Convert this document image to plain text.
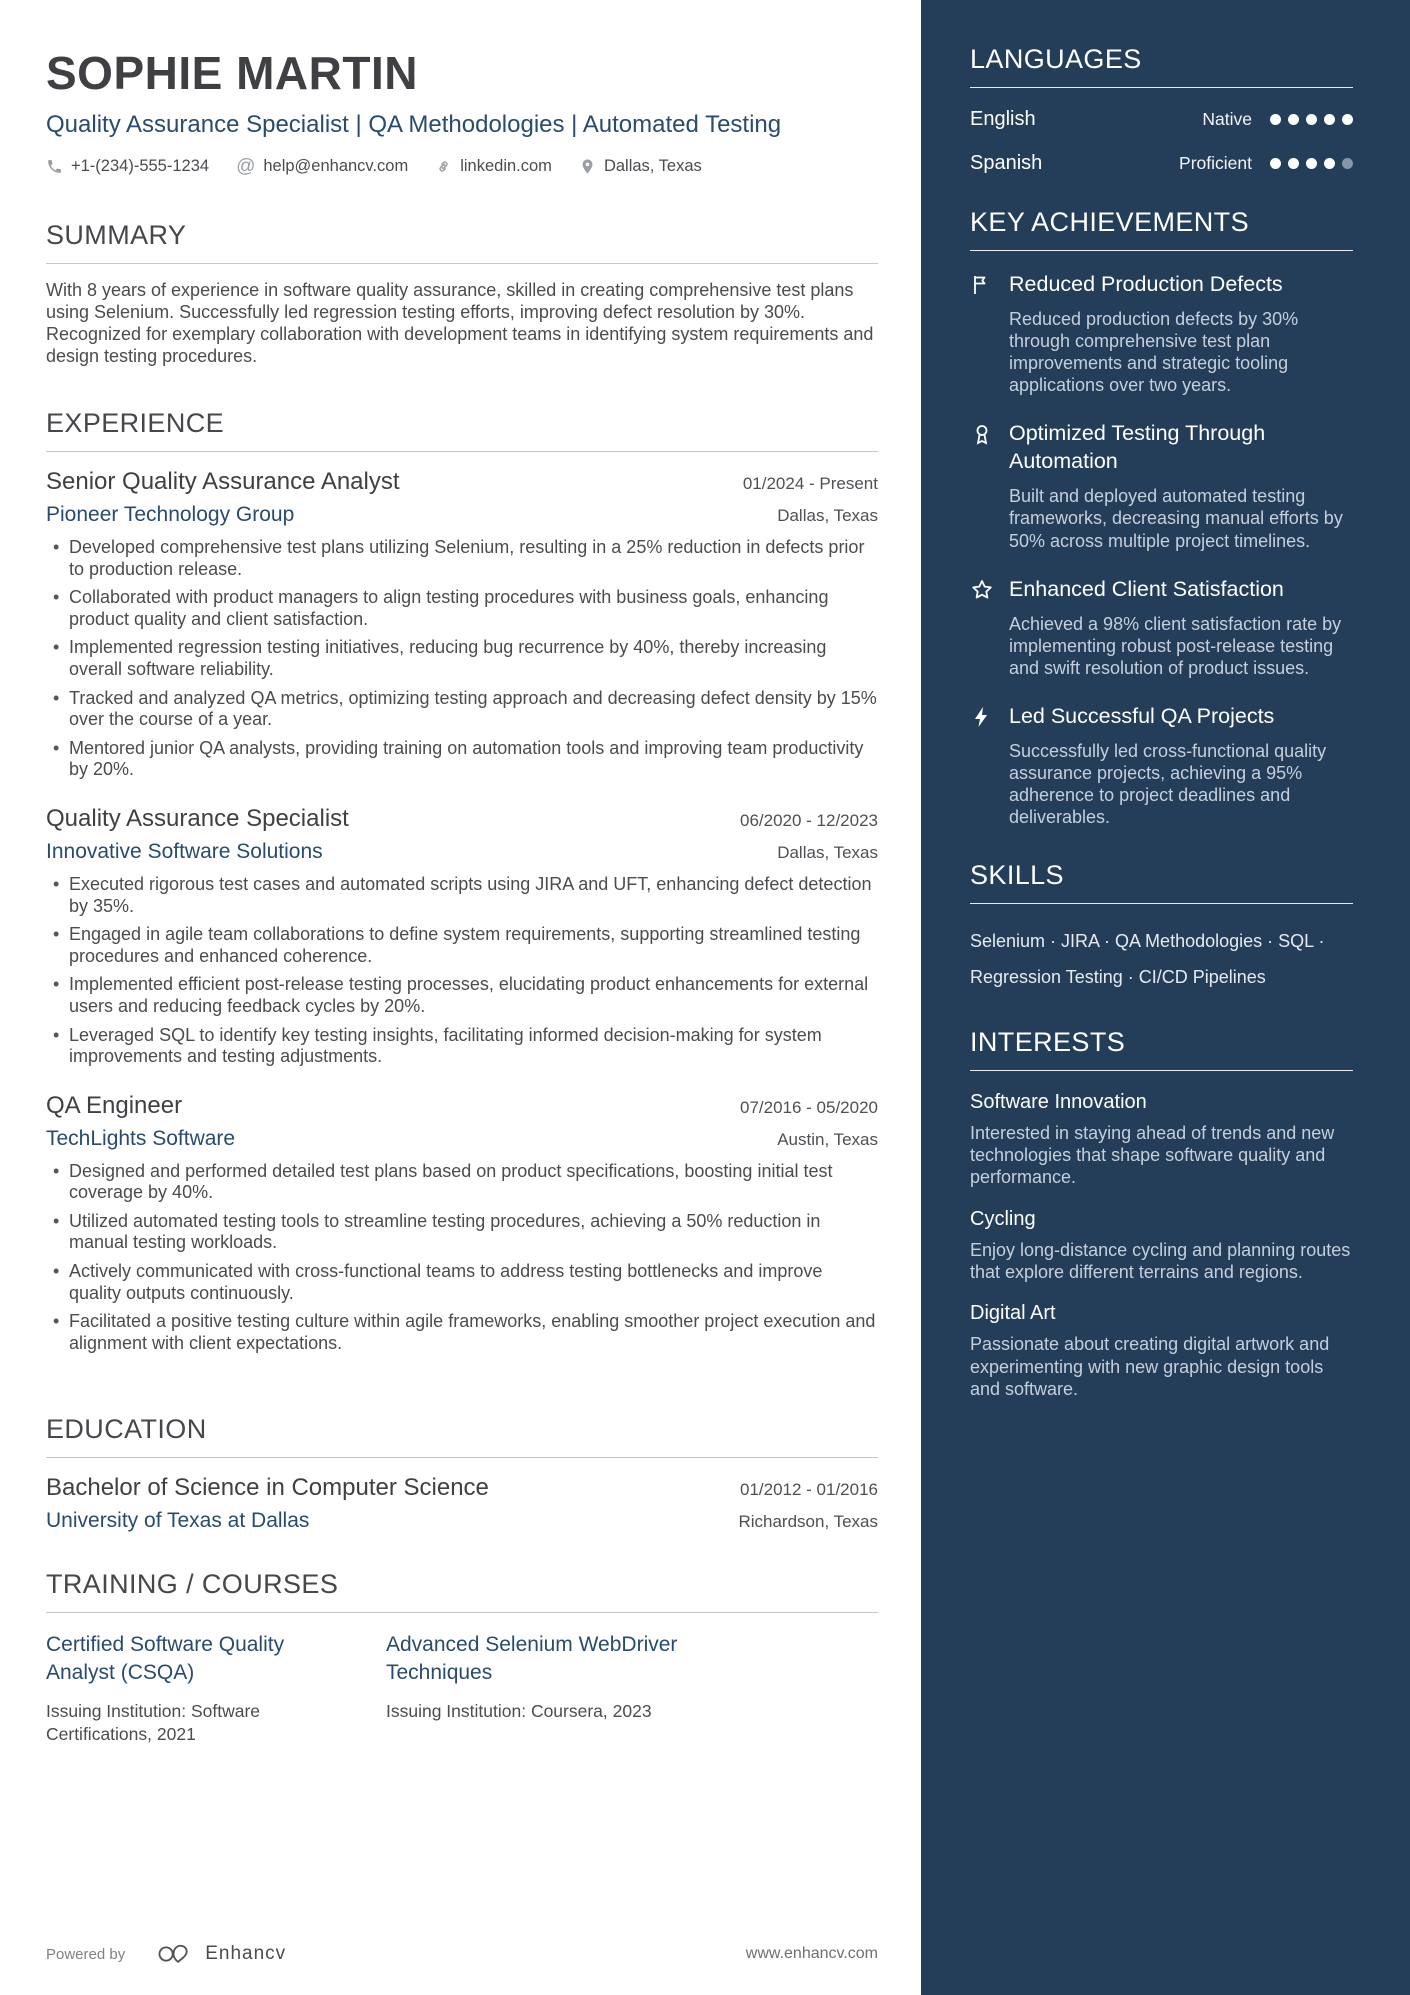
SOPHIE MARTIN
Quality Assurance Specialist | QA Methodologies | Automated Testing
+1-(234)-555-1234 @ help@enhancv.com	linkedin.com	Dallas, Texas
SUMMARY

With 8 years of experience in software quality assurance, skilled in creating comprehensive test plans using Selenium. Successfully led regression testing efforts, improving defect resolution by 30%. Recognized for exemplary collaboration with development teams in identifying system requirements and design testing procedures.

EXPERIENCE
Senior Quality Assurance Analyst	01/2024 - Present
Pioneer Technology Group	Dallas, Texas
• Developed comprehensive test plans utilizing Selenium, resulting in a 25% reduction in defects prior to production release.
• Collaborated with product managers to align testing procedures with business goals, enhancing product quality and client satisfaction.
• Implemented regression testing initiatives, reducing bug recurrence by 40%, thereby increasing overall software reliability.
• Tracked and analyzed QA metrics, optimizing testing approach and decreasing defect density by 15% over the course of a year.
• Mentored junior QA analysts, providing training on automation tools and improving team productivity by 20%.
Quality Assurance Specialist	06/2020 - 12/2023
Innovative Software Solutions	Dallas, Texas
• Executed rigorous test cases and automated scripts using JIRA and UFT, enhancing defect detection by 35%.
• Engaged in agile team collaborations to define system requirements, supporting streamlined testing procedures and enhanced coherence.
• Implemented efficient post-release testing processes, elucidating product enhancements for external users and reducing feedback cycles by 20%.
• Leveraged SQL to identify key testing insights, facilitating informed decision-making for system improvements and testing adjustments.
QA Engineer	07/2016 - 05/2020
TechLights Software	Austin, Texas
• Designed and performed detailed test plans based on product specifications, boosting initial test coverage by 40%.
• Utilized automated testing tools to streamline testing procedures, achieving a 50% reduction in manual testing workloads.
• Actively communicated with cross-functional teams to address testing bottlenecks and improve quality outputs continuously.
• Facilitated a positive testing culture within agile frameworks, enabling smoother project execution and alignment with client expectations.
EDUCATION
Bachelor of Science in Computer Science	01/2012 - 01/2016
University of Texas at Dallas	Richardson, Texas
TRAINING / COURSES
Certified Software Quality Analyst (CSQA)

Issuing Institution: Software Certifications, 2021

Advanced Selenium WebDriver Techniques

Issuing Institution: Coursera, 2023

Powered by	Enhancv	www.enhancv.com
LANGUAGES
English	Native
Spanish	Proficient
KEY ACHIEVEMENTS
Reduced Production Defects

Reduced production defects by 30% through comprehensive test plan improvements and strategic tooling applications over two years.

Optimized Testing Through Automation

Built and deployed automated testing frameworks, decreasing manual efforts by 50% across multiple project timelines.

Enhanced Client Satisfaction

Achieved a 98% client satisfaction rate by implementing robust post-release testing and swift resolution of product issues.

Led Successful QA Projects

Successfully led cross-functional quality assurance projects, achieving a 95% adherence to project deadlines and deliverables.

SKILLS

Selenium · JIRA · QA Methodologies · SQL · Regression Testing · CI/CD Pipelines

INTERESTS
Software Innovation

Interested in staying ahead of trends and new technologies that shape software quality and performance.

Cycling

Enjoy long-distance cycling and planning routes that explore different terrains and regions.

Digital Art

Passionate about creating digital artwork and experimenting with new graphic design tools and software.
